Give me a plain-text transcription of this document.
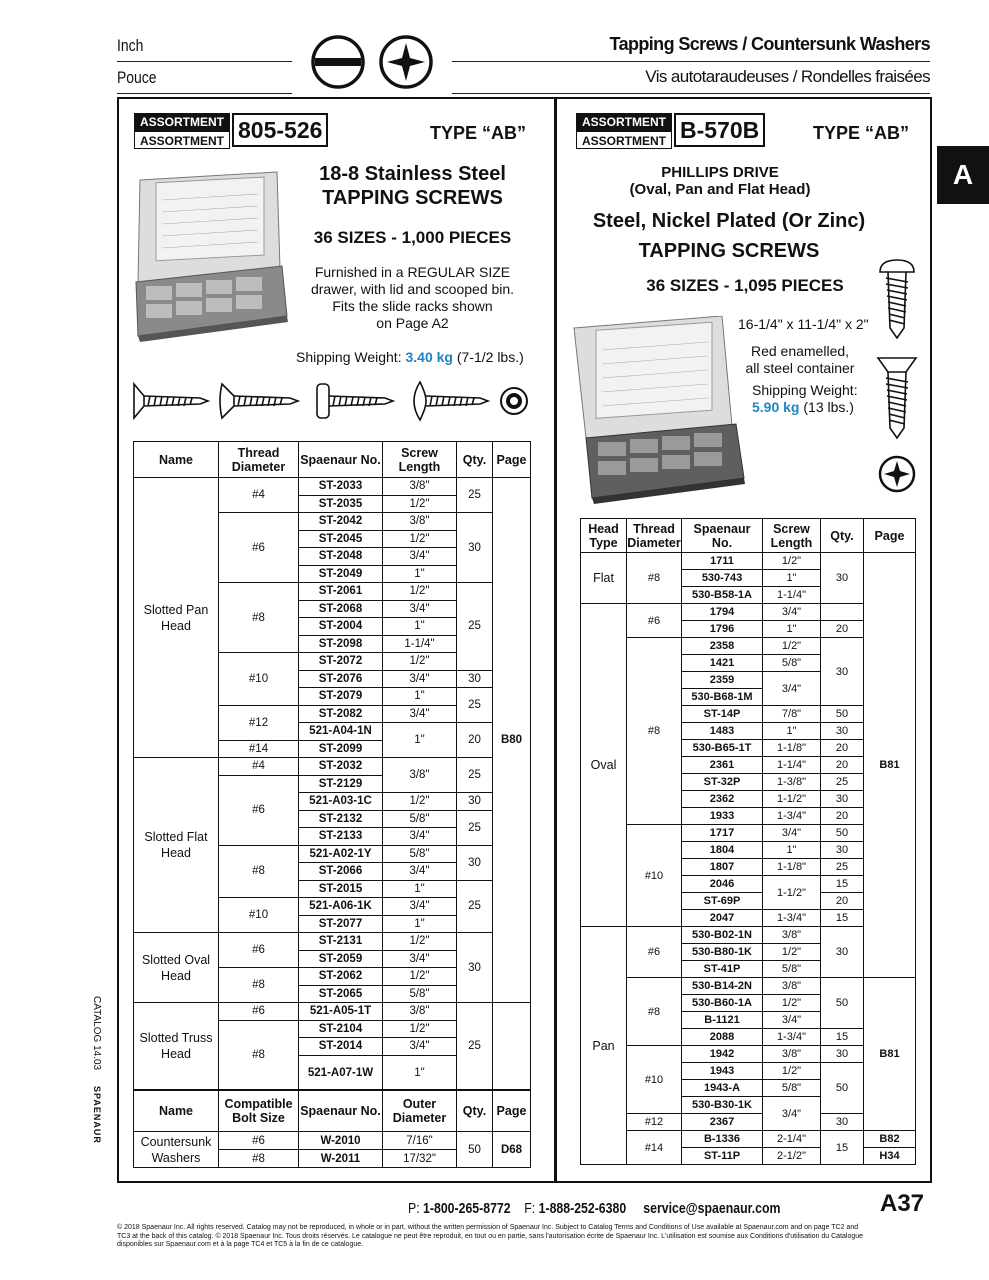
Inch
Pouce
Tapping Screws / Countersunk Washers
Vis autotaraudeuses / Rondelles fraisées
A
CATALOG 14.03
SPAENAUR
ASSORTMENT
ASSORTMENT 805-526	TYPE “AB”
18-8 Stainless Steel
TAPPING SCREWS
36 SIZES - 1,000 PIECES
Furnished in a REGULAR SIZE
drawer, with lid and scooped bin.
Fits the slide racks shown
on Page A2
Shipping Weight: 3.40 kg (7-1/2 lbs.)
Name	Thread Diameter	Spaenaur No.	Screw Length	Qty.	Page
Slotted Pan Head	#4	ST-2033	3/8"	25	B80
		ST-2035	1/2"		
	#6	ST-2042	3/8"	30	
		ST-2045	1/2"		
		ST-2048	3/4"		
		ST-2049	1"		
	#8	ST-2061	1/2"	25	
		ST-2068	3/4"		
		ST-2004	1"		
		ST-2098	1-1/4"		
	#10	ST-2072	1/2"		
		ST-2076	3/4"	30	
		ST-2079	1"	25	
	#12	ST-2082	3/4"		
		521-A04-1N	1"	20	
	#14	ST-2099			
Slotted Flat Head	#4	ST-2032	3/8"	25	
	#6	ST-2129			
		521-A03-1C	1/2"	30	
		ST-2132	5/8"	25	
		ST-2133	3/4"		
	#8	521-A02-1Y	5/8"	30	
		ST-2066	3/4"		
		ST-2015	1"	25	
	#10	521-A06-1K	3/4"		
		ST-2077	1"		
Slotted Oval Head	#6	ST-2131	1/2"	30	
		ST-2059	3/4"		
	#8	ST-2062	1/2"		
		ST-2065	5/8"		
Slotted Truss Head	#6	521-A05-1T	3/8"	25	
	#8	ST-2104	1/2"		
		ST-2014	3/4"		
		521-A07-1W	1"		
Name	Compatible Bolt Size	Spaenaur No.	Outer Diameter	Qty.	Page
Countersunk Washers	#6	W-2010	7/16"	50	D68
	#8	W-2011	17/32"		
ASSORTMENT
ASSORTMENT B-570B	TYPE “AB”
PHILLIPS DRIVE
(Oval, Pan and Flat Head)
Steel, Nickel Plated (Or Zinc)
TAPPING SCREWS
36 SIZES - 1,095 PIECES
16-1/4" x 11-1/4" x 2"
Red enamelled,
all steel container
Shipping Weight:
5.90 kg (13 lbs.)
Head Type	Thread Diameter	Spaenaur No.	Screw Length	Qty.	Page
Flat	#8	1711	1/2"	30	B81
		530-743	1"		
		530-B58-1A	1-1/4"		
Oval	#6	1794	3/4"		
		1796	1"	20	
	#8	2358	1/2"	30	
		1421	5/8"		
		2359	3/4"		
		530-B68-1M			
		ST-14P	7/8"	50	
		1483	1"	30	
		530-B65-1T	1-1/8"	20	
		2361	1-1/4"	20	
		ST-32P	1-3/8"	25	
		2362	1-1/2"	30	
		1933	1-3/4"	20	
	#10	1717	3/4"	50	
		1804	1"	30	
		1807	1-1/8"	25	
		2046	1-1/2"	15	
		ST-69P		20	
		2047	1-3/4"	15	
Pan	#6	530-B02-1N	3/8"	30	
		530-B80-1K	1/2"		
		ST-41P	5/8"		
	#8	530-B14-2N	3/8"	50	B81
		530-B60-1A	1/2"		
		B-1121	3/4"		
		2088	1-3/4"	15	
	#10	1942	3/8"	30	
		1943	1/2"	50	
		1943-A	5/8"		
		530-B30-1K	3/4"		
	#12	2367		30	
	#14	B-1336	2-1/4"	15	B82
		ST-11P	2-1/2"		H34
P: 1-800-265-8772 F: 1-888-252-6380 service@spaenaur.com	A37
© 2018 Spaenaur Inc. All rights reserved. Catalog may not be reproduced, in whole or in part, without the written permission of Spaenaur Inc. Subject to Catalog Terms and Conditions of Use available at Spaenaur.com and on page TC2 and
TC3 at the back of this catalog. © 2018 Spaenaur Inc. Tous droits réservés. Le catalogue ne peut être reproduit, en tout ou en partie, sans l'autorisation écrite de Spaenaur Inc. L'utilisation est soumise aux Conditions d'utilisation du Catalogue
disponibles sur Spaenaur.com et à la page TC4 et TC5 à la fin de ce catalogue.
